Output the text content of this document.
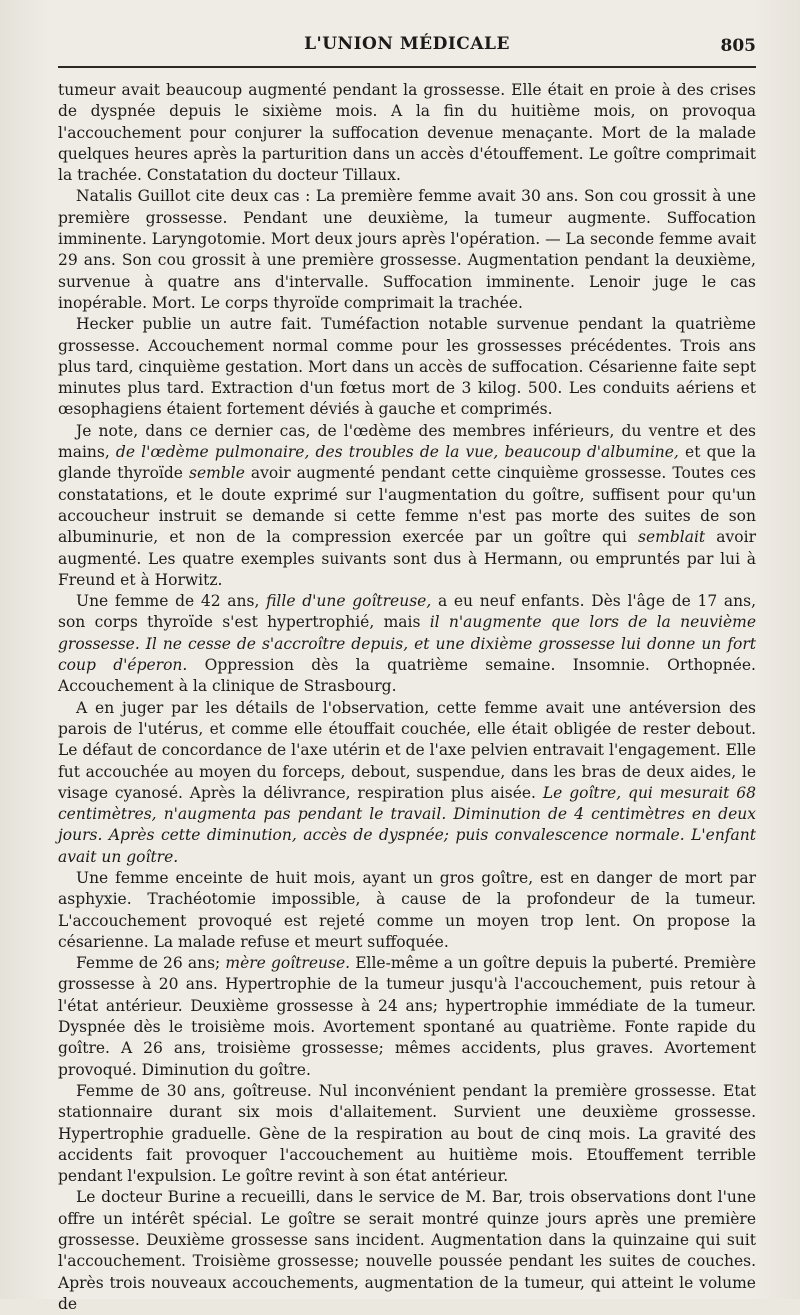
L'UNION MÉDICALE	805

tumeur avait beaucoup augmenté pendant la grossesse. Elle était en proie à des crises de dyspnée depuis le sixième mois. A la fin du huitième mois, on provoqua l'accouchement pour conjurer la suffocation devenue menaçante. Mort de la malade quelques heures après la parturition dans un accès d'étouffement. Le goître comprimait la trachée. Constatation du docteur Tillaux.

Natalis Guillot cite deux cas : La première femme avait 30 ans. Son cou grossit à une première grossesse. Pendant une deuxième, la tumeur augmente. Suffocation imminente. Laryngotomie. Mort deux jours après l'opération. — La seconde femme avait 29 ans. Son cou grossit à une première grossesse. Augmentation pendant la deuxième, survenue à quatre ans d'intervalle. Suffocation imminente. Lenoir juge le cas inopérable. Mort. Le corps thyroïde comprimait la trachée.

Hecker publie un autre fait. Tuméfaction notable survenue pendant la quatrième grossesse. Accouchement normal comme pour les grossesses précédentes. Trois ans plus tard, cinquième gestation. Mort dans un accès de suffocation. Césarienne faite sept minutes plus tard. Extraction d'un fœtus mort de 3 kilog. 500. Les conduits aériens et œsophagiens étaient fortement déviés à gauche et comprimés.

Je note, dans ce dernier cas, de l'œdème des membres inférieurs, du ventre et des mains, de l'œdème pulmonaire, des troubles de la vue, beaucoup d'albumine, et que la glande thyroïde semble avoir augmenté pendant cette cinquième grossesse. Toutes ces constatations, et le doute exprimé sur l'augmentation du goître, suffisent pour qu'un accoucheur instruit se demande si cette femme n'est pas morte des suites de son albuminurie, et non de la compression exercée par un goître qui semblait avoir augmenté. Les quatre exemples suivants sont dus à Hermann, ou empruntés par lui à Freund et à Horwitz.

Une femme de 42 ans, fille d'une goîtreuse, a eu neuf enfants. Dès l'âge de 17 ans, son corps thyroïde s'est hypertrophié, mais il n'augmente que lors de la neuvième grossesse. Il ne cesse de s'accroître depuis, et une dixième grossesse lui donne un fort coup d'éperon. Oppression dès la quatrième semaine. Insomnie. Orthopnée. Accouchement à la clinique de Strasbourg.

A en juger par les détails de l'observation, cette femme avait une antéversion des parois de l'utérus, et comme elle étouffait couchée, elle était obligée de rester debout. Le défaut de concordance de l'axe utérin et de l'axe pelvien entravait l'engagement. Elle fut accouchée au moyen du forceps, debout, suspendue, dans les bras de deux aides, le visage cyanosé. Après la délivrance, respiration plus aisée. Le goître, qui mesurait 68 centimètres, n'augmenta pas pendant le travail. Diminution de 4 centimètres en deux jours. Après cette diminution, accès de dyspnée; puis convalescence normale. L'enfant avait un goître.

Une femme enceinte de huit mois, ayant un gros goître, est en danger de mort par asphyxie. Trachéotomie impossible, à cause de la profondeur de la tumeur. L'accouchement provoqué est rejeté comme un moyen trop lent. On propose la césarienne. La malade refuse et meurt suffoquée.

Femme de 26 ans; mère goîtreuse. Elle-même a un goître depuis la puberté. Première grossesse à 20 ans. Hypertrophie de la tumeur jusqu'à l'accouchement, puis retour à l'état antérieur. Deuxième grossesse à 24 ans; hypertrophie immédiate de la tumeur. Dyspnée dès le troisième mois. Avortement spontané au quatrième. Fonte rapide du goître. A 26 ans, troisième grossesse; mêmes accidents, plus graves. Avortement provoqué. Diminution du goître.

Femme de 30 ans, goîtreuse. Nul inconvénient pendant la première grossesse. Etat stationnaire durant six mois d'allaitement. Survient une deuxième grossesse. Hypertrophie graduelle. Gène de la respiration au bout de cinq mois. La gravité des accidents fait provoquer l'accouchement au huitième mois. Etouffement terrible pendant l'expulsion. Le goître revint à son état antérieur.

Le docteur Burine a recueilli, dans le service de M. Bar, trois observations dont l'une offre un intérêt spécial. Le goître se serait montré quinze jours après une première grossesse. Deuxième grossesse sans incident. Augmentation dans la quinzaine qui suit l'accouchement. Troisième grossesse; nouvelle poussée pendant les suites de couches. Après trois nouveaux accouchements, augmentation de la tumeur, qui atteint le volume de
